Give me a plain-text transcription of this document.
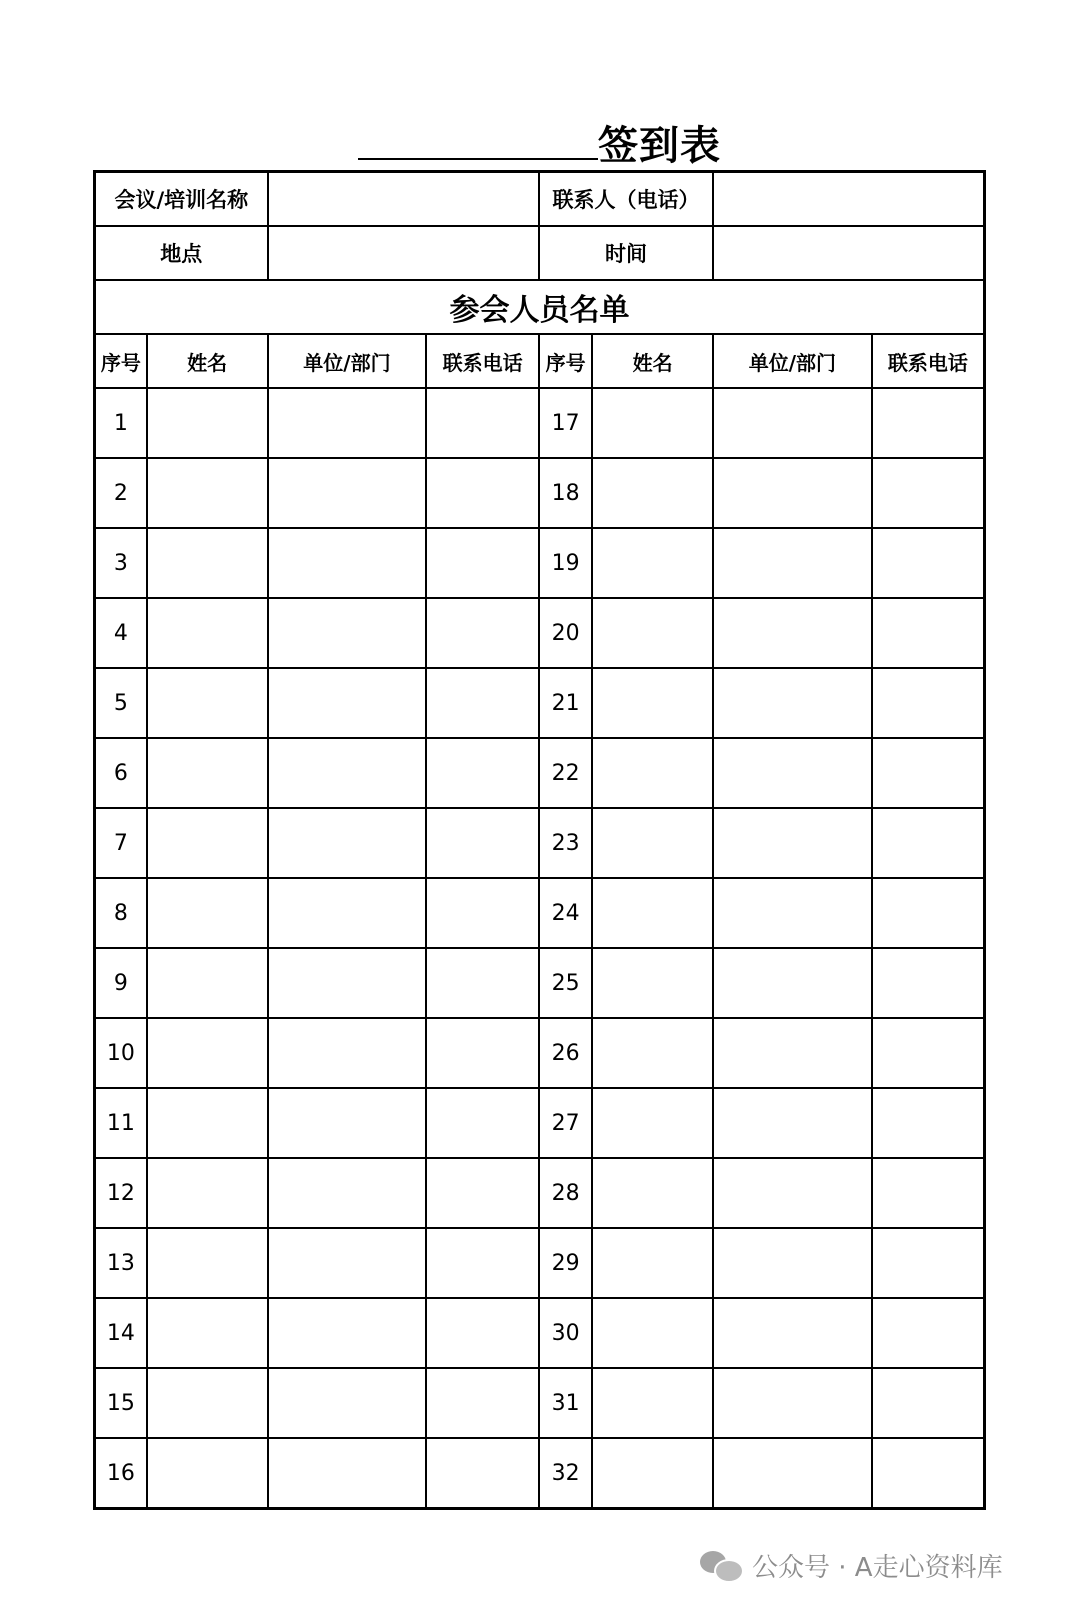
签到表
会议/培训名称				联系人（电话）			
地点				时间			
参会人员名单							
序号	姓名	单位/部门	联系电话	序号	姓名	单位/部门	联系电话
1				17			
2				18			
3				19			
4				20			
5				21			
6				22			
7				23			
8				24			
9				25			
10				26			
11				27			
12				28			
13				29			
14				30			
15				31			
16				32			
公众号 · A走心资料库
